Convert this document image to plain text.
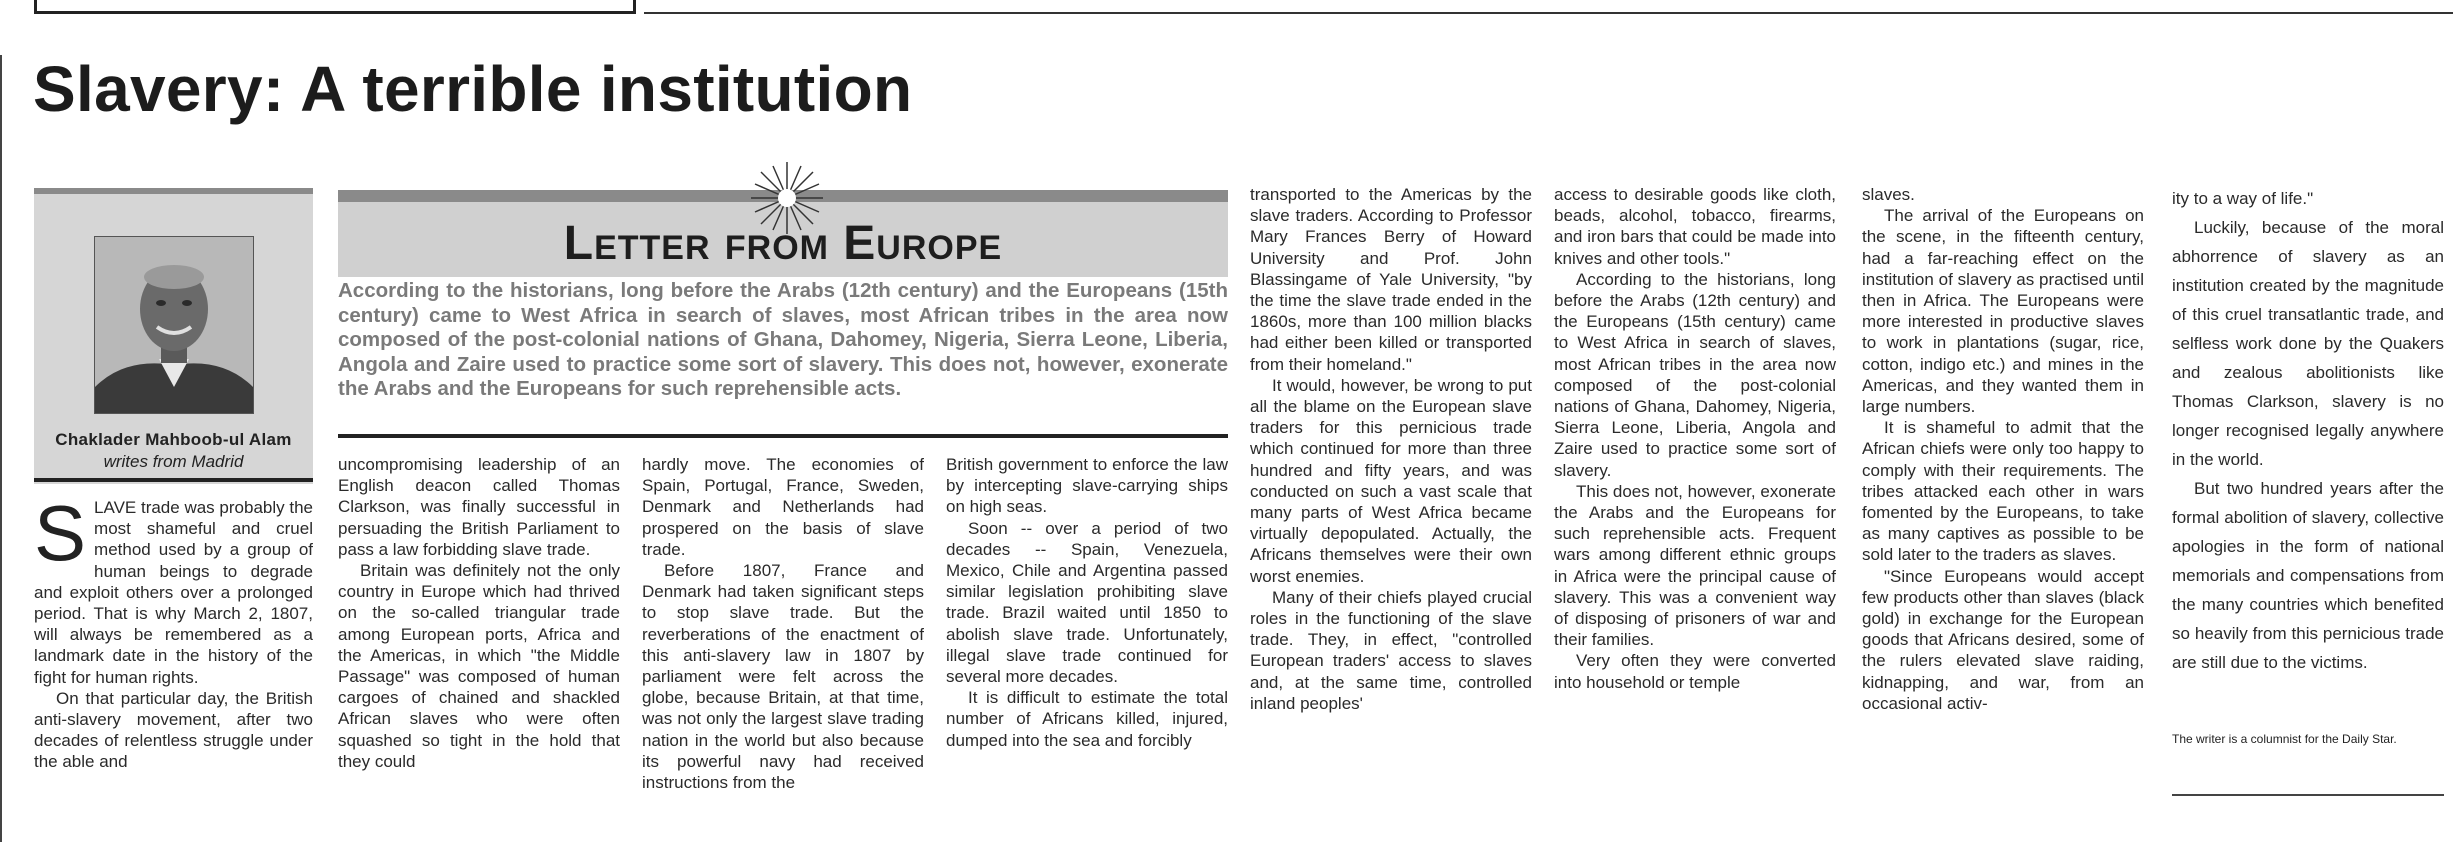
Slavery: A terrible institution

Chaklader Mahboob-ul Alam

writes from Madrid

Letter from Europe

According to the historians, long before the Arabs (12th century) and the Europeans (15th century) came to West Africa in search of slaves, most African tribes in the area now composed of the post-colonial nations of Ghana, Dahomey, Nigeria, Sierra Leone, Liberia, Angola and Zaire used to practice some sort of slavery. This does not, however, exonerate the Arabs and the Europeans for such reprehensible acts.

SLAVE trade was probably the most shameful and cruel method used by a group of human beings to degrade and exploit others over a prolonged period. That is why March 2, 1807, will always be remembered as a landmark date in the history of the fight for human rights.

On that particular day, the British anti-slavery movement, after two decades of relentless struggle under the able and

uncompromising leadership of an English deacon called Thomas Clarkson, was finally successful in persuading the British Parliament to pass a law forbidding slave trade.

Britain was definitely not the only country in Europe which had thrived on the so-called triangular trade among European ports, Africa and the Americas, in which "the Middle Passage" was composed of human cargoes of chained and shackled African slaves who were often squashed so tight in the hold that they could

hardly move. The economies of Spain, Portugal, France, Sweden, Denmark and Netherlands had prospered on the basis of slave trade.

Before 1807, France and Denmark had taken significant steps to stop slave trade. But the reverberations of the enactment of this anti-slavery law in 1807 by parliament were felt across the globe, because Britain, at that time, was not only the largest slave trading nation in the world but also because its powerful navy had received instructions from the

British government to enforce the law by intercepting slave-carrying ships on high seas.

Soon -- over a period of two decades -- Spain, Venezuela, Mexico, Chile and Argentina passed similar legislation prohibiting slave trade. Brazil waited until 1850 to abolish slave trade. Unfortunately, illegal slave trade continued for several more decades.

It is difficult to estimate the total number of Africans killed, injured, dumped into the sea and forcibly

transported to the Americas by the slave traders. According to Professor Mary Frances Berry of Howard University and Prof. John Blassingame of Yale University, "by the time the slave trade ended in the 1860s, more than 100 million blacks had either been killed or transported from their homeland."

It would, however, be wrong to put all the blame on the European slave traders for this pernicious trade which continued for more than three hundred and fifty years, and was conducted on such a vast scale that many parts of West Africa became virtually depopulated. Actually, the Africans themselves were their own worst enemies.

Many of their chiefs played crucial roles in the functioning of the slave trade. They, in effect, "controlled European traders' access to slaves and, at the same time, controlled inland peoples'

access to desirable goods like cloth, beads, alcohol, tobacco, firearms, and iron bars that could be made into knives and other tools."

According to the historians, long before the Arabs (12th century) and the Europeans (15th century) came to West Africa in search of slaves, most African tribes in the area now composed of the post-colonial nations of Ghana, Dahomey, Nigeria, Sierra Leone, Liberia, Angola and Zaire used to practice some sort of slavery.

This does not, however, exonerate the Arabs and the Europeans for such reprehensible acts. Frequent wars among different ethnic groups in Africa were the principal cause of slavery. This was a convenient way of disposing of prisoners of war and their families.

Very often they were converted into household or temple

slaves.

The arrival of the Europeans on the scene, in the fifteenth century, had a far-reaching effect on the institution of slavery as practised until then in Africa. The Europeans were more interested in productive slaves to work in plantations (sugar, rice, cotton, indigo etc.) and mines in the Americas, and they wanted them in large numbers.

It is shameful to admit that the African chiefs were only too happy to comply with their requirements. The tribes attacked each other in wars fomented by the Europeans, to take as many captives as possible to be sold later to the traders as slaves.

"Since Europeans would accept few products other than slaves (black gold) in exchange for the European goods that Africans desired, some of the rulers elevated slave raiding, kidnapping, and war, from an occasional activ-

ity to a way of life."

Luckily, because of the moral abhorrence of slavery as an institution created by the magnitude of this cruel transatlantic trade, and selfless work done by the Quakers and zealous abolitionists like Thomas Clarkson, slavery is no longer recognised legally anywhere in the world.

But two hundred years after the formal abolition of slavery, collective apologies in the form of national memorials and compensations from the many countries which benefited so heavily from this pernicious trade are still due to the victims.

The writer is a columnist for the Daily Star.
